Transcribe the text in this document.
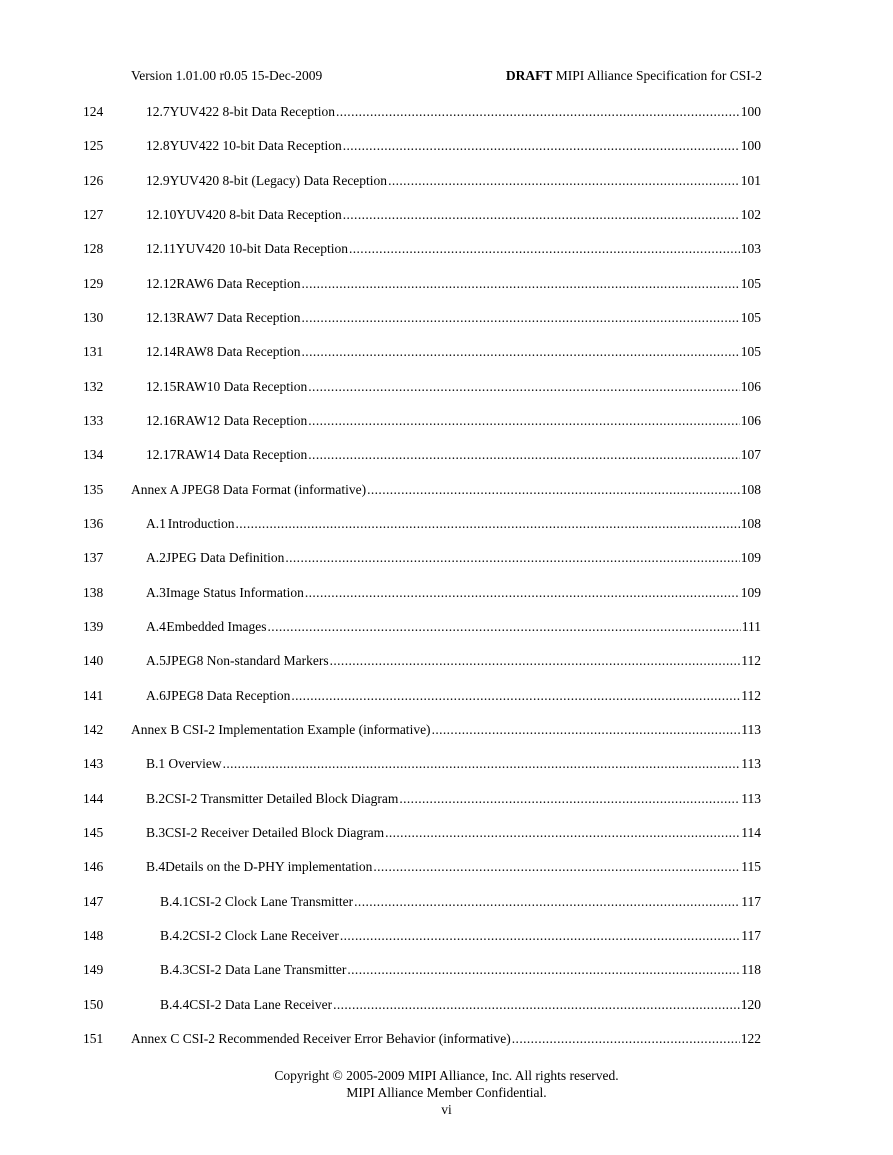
Version 1.01.00 r0.05 15-Dec-2009	DRAFT MIPI Alliance Specification for CSI-2
124	12.7 YUV422 8-bit Data Reception .....	100
125	12.8 YUV422 10-bit Data Reception .....	100
126	12.9 YUV420 8-bit (Legacy) Data Reception .....	101
127	12.10 YUV420 8-bit Data Reception .....	102
128	12.11 YUV420 10-bit Data Reception .....	103
129	12.12 RAW6 Data Reception .....	105
130	12.13 RAW7 Data Reception .....	105
131	12.14 RAW8 Data Reception .....	105
132	12.15 RAW10 Data Reception .....	106
133	12.16 RAW12 Data Reception .....	106
134	12.17 RAW14 Data Reception .....	107
135	Annex A JPEG8 Data Format (informative) .....	108
136	A.1 Introduction .....	108
137	A.2 JPEG Data Definition .....	109
138	A.3 Image Status Information .....	109
139	A.4 Embedded Images .....	111
140	A.5 JPEG8 Non-standard Markers .....	112
141	A.6 JPEG8 Data Reception .....	112
142	Annex B CSI-2 Implementation Example (informative) .....	113
143	B.1 Overview .....	113
144	B.2 CSI-2 Transmitter Detailed Block Diagram .....	113
145	B.3 CSI-2 Receiver Detailed Block Diagram .....	114
146	B.4 Details on the D-PHY implementation .....	115
147	B.4.1 CSI-2 Clock Lane Transmitter .....	117
148	B.4.2 CSI-2 Clock Lane Receiver .....	117
149	B.4.3 CSI-2 Data Lane Transmitter .....	118
150	B.4.4 CSI-2 Data Lane Receiver .....	120
151	Annex C CSI-2 Recommended Receiver Error Behavior (informative) .....	122
Copyright © 2005-2009 MIPI Alliance, Inc. All rights reserved.
MIPI Alliance Member Confidential.
vi
